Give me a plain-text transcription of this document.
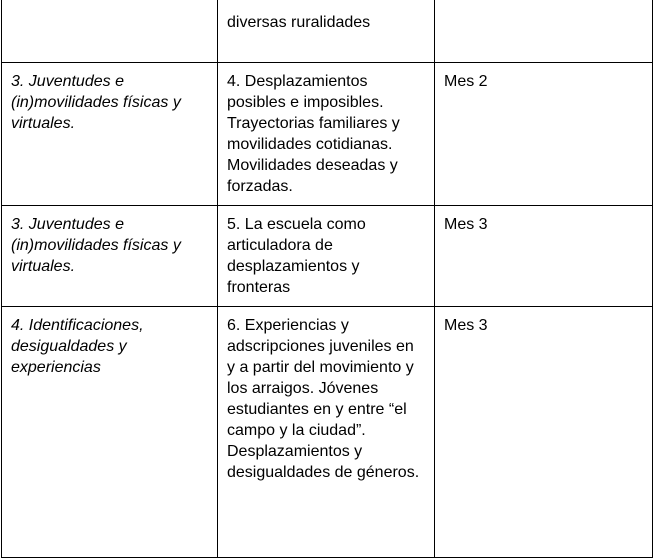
	diversas ruralidades	

3. Juventudes e (in)movilidades físicas y virtuales.	4. Desplazamientos posibles e imposibles. Trayectorias familiares y movilidades cotidianas. Movilidades deseadas y forzadas.	Mes 2

3. Juventudes e (in)movilidades físicas y virtuales.	5. La escuela como articuladora de desplazamientos y fronteras	Mes 3

4. Identificaciones, desigualdades y experiencias	6. Experiencias y adscripciones juveniles en y a partir del movimiento y los arraigos. Jóvenes estudiantes en y entre “el campo y la ciudad”. Desplazamientos y desigualdades de géneros.	Mes 3
